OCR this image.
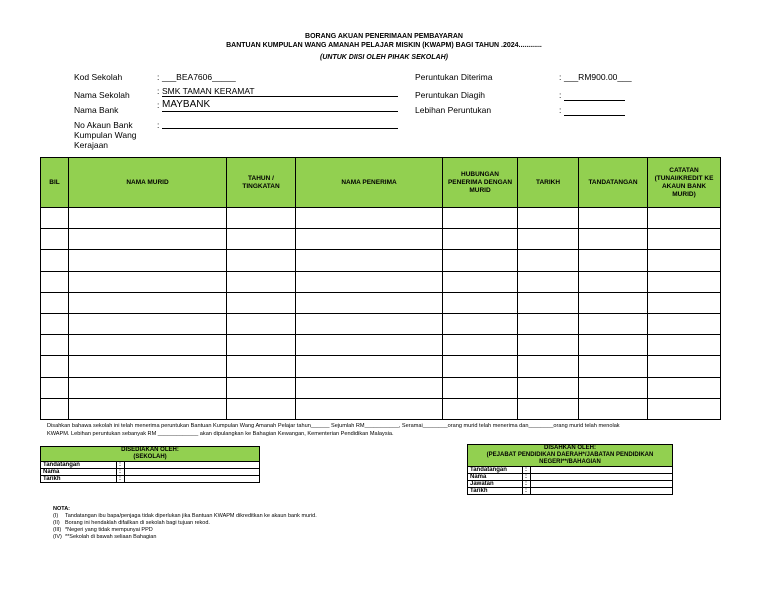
BORANG AKUAN PENERIMAAN PEMBAYARAN
BANTUAN KUMPULAN WANG AMANAH PELAJAR MISKIN (KWAPM) BAGI TAHUN .2024............
(UNTUK DIISI OLEH PIHAK SEKOLAH)
Kod Sekolah	: ___BEA7606_____
Nama Sekolah	: SMK TAMAN KERAMAT
Nama Bank	: MAYBANK
No Akaun Bank Kumpulan Wang Kerajaan
:
Peruntukan Diterima	: ___RM900.00___
Peruntukan Diagih	:
Lebihan Peruntukan	:
BIL	NAMA MURID	TAHUN / TINGKATAN	NAMA PENERIMA	HUBUNGAN PENERIMA DENGAN MURID	TARIKH	TANDATANGAN	CATATAN (TUNAI/KREDIT KE AKAUN BANK MURID)

Disahkan bahawa sekolah ini telah menerima peruntukan Bantuan Kumpulan Wang Amanah Pelajar tahun______ Sejumlah RM___________, Seramai________orang murid telah menerima dan________orang murid telah menolak
KWAPM. Lebihan peruntukan sebanyak RM _____________ akan dipulangkan ke Bahagian Kewangan, Kementerian Pendidikan Malaysia.
DISEDIAKAN OLEH:
(SEKOLAH)		
Tandatangan	:	
Nama	:	
Tarikh	:	
DISAHKAN OLEH:
(PEJABAT PENDIDIKAN DAERAH*/JABATAN PENDIDIKAN
NEGERI**/BAHAGIAN		
Tandatangan	:	
Nama	:	
Jawatan	:	
Tarikh	:	
NOTA:
(I) Tandatangan ibu bapa/penjaga tidak diperlukan jika Bantuan KWAPM dikreditkan ke akaun bank murid.
(II) Borang ini hendaklah difailkan di sekolah bagi tujuan rekod.
(III) *Negeri yang tidak mempunyai PPD
(IV) **Sekolah di bawah seliaan Bahagian
